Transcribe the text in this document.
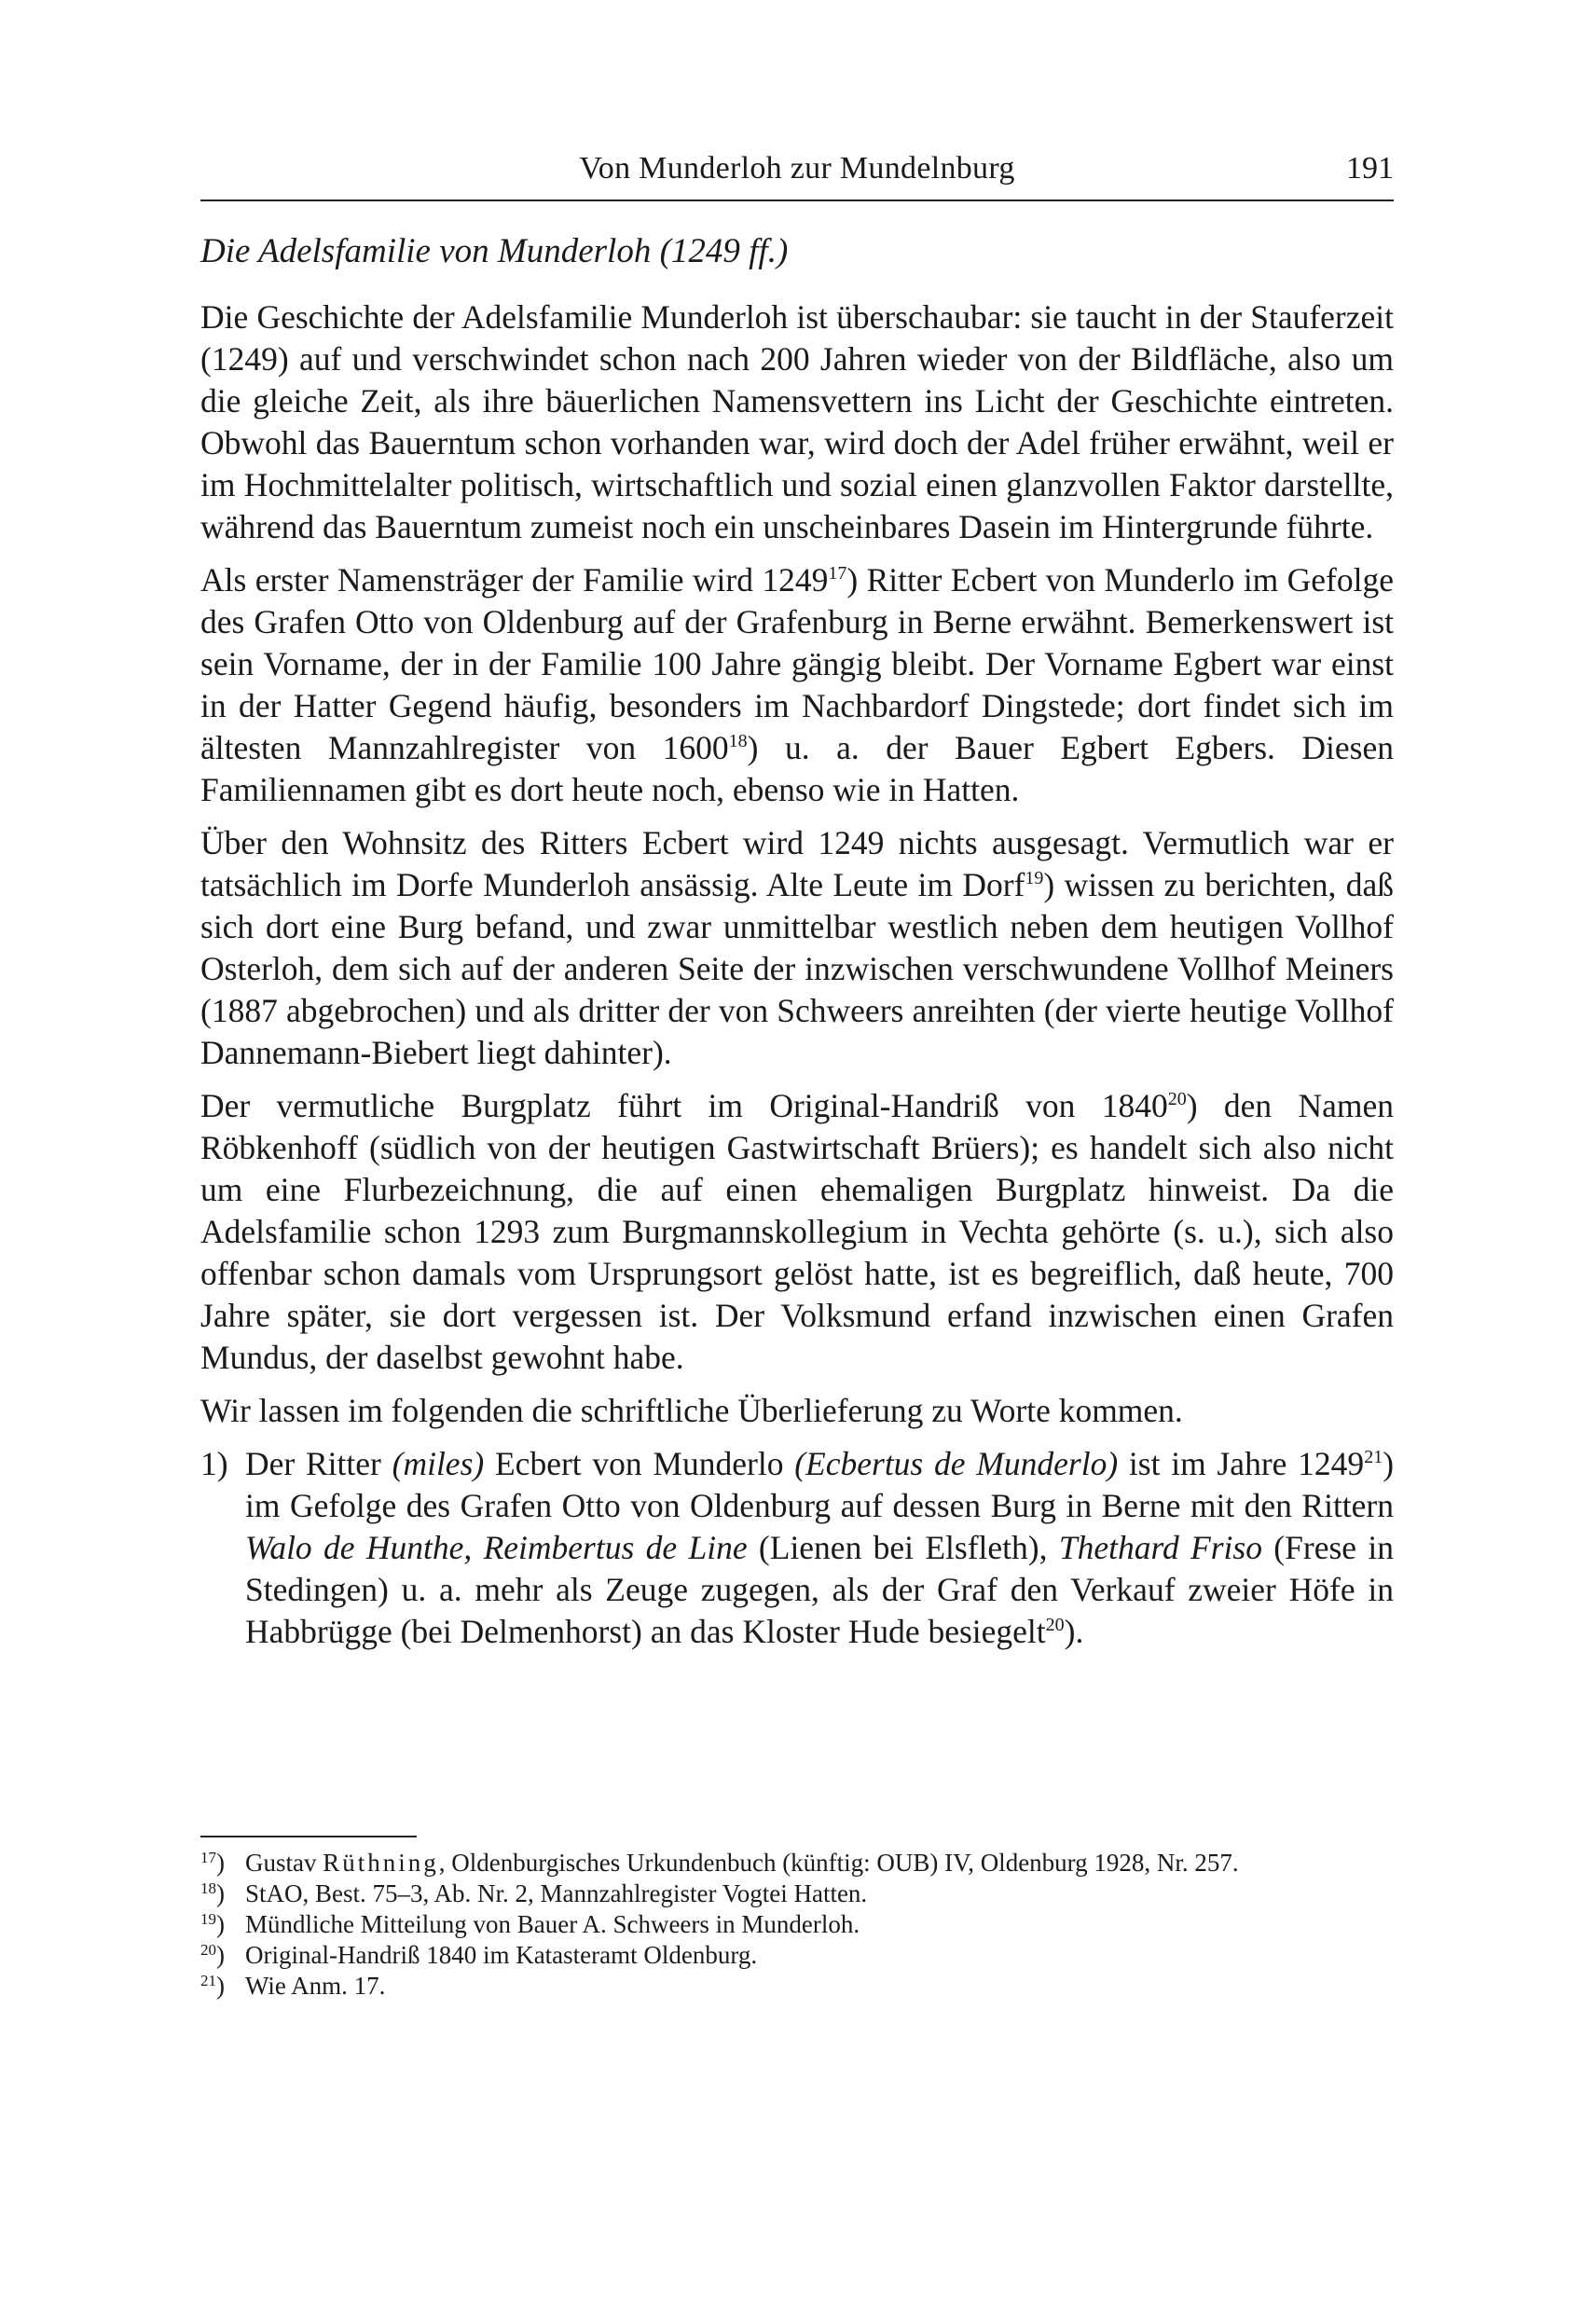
Von Munderloh zur Mundelnburg	191
Die Adelsfamilie von Munderloh (1249 ff.)

Die Geschichte der Adelsfamilie Munderloh ist überschaubar: sie taucht in der Stauferzeit (1249) auf und verschwindet schon nach 200 Jahren wieder von der Bildfläche, also um die gleiche Zeit, als ihre bäuerlichen Namensvettern ins Licht der Geschichte eintreten. Obwohl das Bauerntum schon vorhanden war, wird doch der Adel früher erwähnt, weil er im Hochmittelalter politisch, wirtschaftlich und sozial einen glanzvollen Faktor darstellte, während das Bauerntum zumeist noch ein unscheinbares Dasein im Hintergrunde führte.

Als erster Namensträger der Familie wird 1249$^{17}$) Ritter Ecbert von Munderlo im Gefolge des Grafen Otto von Oldenburg auf der Grafenburg in Berne erwähnt. Bemerkenswert ist sein Vorname, der in der Familie 100 Jahre gängig bleibt. Der Vorname Egbert war einst in der Hatter Gegend häufig, besonders im Nachbardorf Dingstede; dort findet sich im ältesten Mannzahlregister von 1600$^{18}$) u. a. der Bauer Egbert Egbers. Diesen Familiennamen gibt es dort heute noch, ebenso wie in Hatten.

Über den Wohnsitz des Ritters Ecbert wird 1249 nichts ausgesagt. Vermutlich war er tatsächlich im Dorfe Munderloh ansässig. Alte Leute im Dorf$^{19}$) wissen zu berichten, daß sich dort eine Burg befand, und zwar unmittelbar westlich neben dem heutigen Vollhof Osterloh, dem sich auf der anderen Seite der inzwischen verschwundene Vollhof Meiners (1887 abgebrochen) und als dritter der von Schweers anreihten (der vierte heutige Vollhof Dannemann-Biebert liegt dahinter).

Der vermutliche Burgplatz führt im Original-Handriß von 1840$^{20}$) den Namen Röbkenhoff (südlich von der heutigen Gastwirtschaft Brüers); es handelt sich also nicht um eine Flurbezeichnung, die auf einen ehemaligen Burgplatz hinweist. Da die Adelsfamilie schon 1293 zum Burgmannskollegium in Vechta gehörte (s. u.), sich also offenbar schon damals vom Ursprungsort gelöst hatte, ist es begreiflich, daß heute, 700 Jahre später, sie dort vergessen ist. Der Volksmund erfand inzwischen einen Grafen Mundus, der daselbst gewohnt habe.

Wir lassen im folgenden die schriftliche Überlieferung zu Worte kommen.

1) Der Ritter (miles) Ecbert von Munderlo (Ecbertus de Munderlo) ist im Jahre 1249$^{21}$) im Gefolge des Grafen Otto von Oldenburg auf dessen Burg in Berne mit den Rittern Walo de Hunthe, Reimbertus de Line (Lienen bei Elsfleth), Thethard Friso (Frese in Stedingen) u. a. mehr als Zeuge zugegen, als der Graf den Verkauf zweier Höfe in Habbrügge (bei Delmenhorst) an das Kloster Hude besiegelt$^{20}$).
$^{17}$) Gustav Rüthning, Oldenburgisches Urkundenbuch (künftig: OUB) IV, Oldenburg 1928, Nr. 257.
$^{18}$) StAO, Best. 75–3, Ab. Nr. 2, Mannzahlregister Vogtei Hatten.
$^{19}$) Mündliche Mitteilung von Bauer A. Schweers in Munderloh.
$^{20}$) Original-Handriß 1840 im Katasteramt Oldenburg.
$^{21}$) Wie Anm. 17.
